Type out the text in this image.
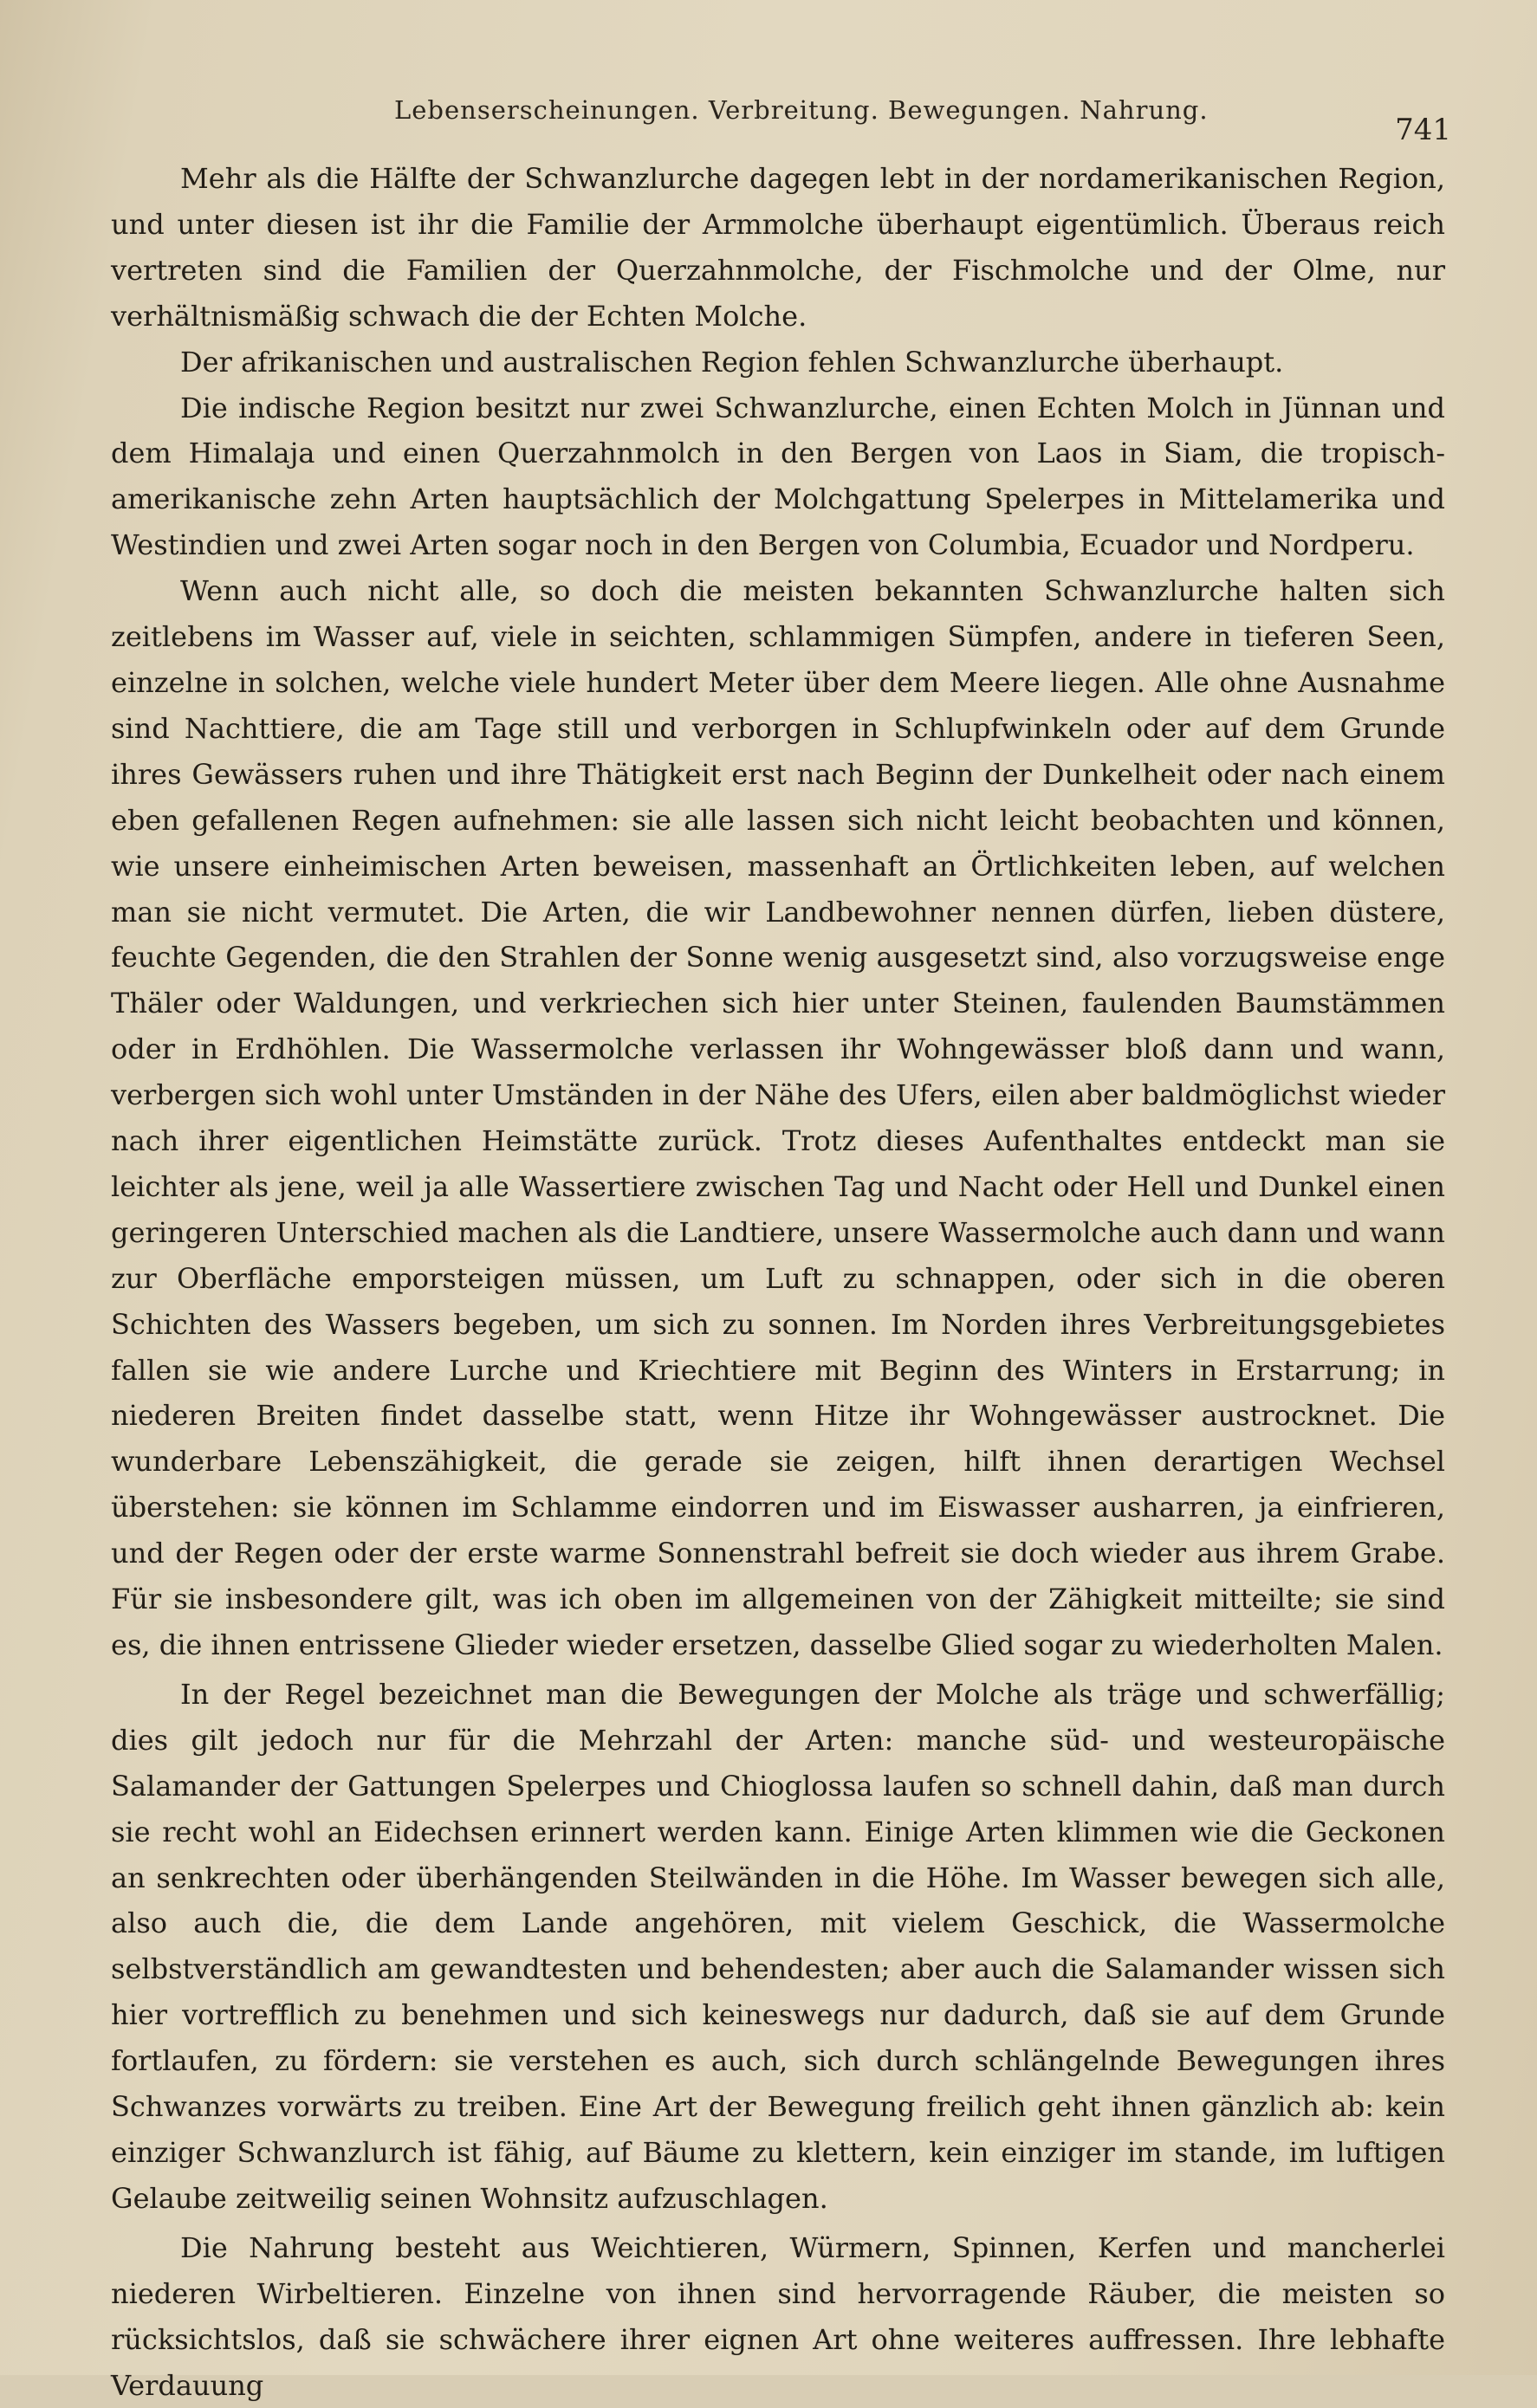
Lebenserscheinungen. Verbreitung. Bewegungen. Nahrung.
741

Mehr als die Hälfte der Schwanzlurche dagegen lebt in der nordamerikanischen Region, und unter diesen ist ihr die Familie der Armmolche überhaupt eigentümlich. Überaus reich vertreten sind die Familien der Querzahnmolche, der Fischmolche und der Olme, nur verhältnismäßig schwach die der Echten Molche.

Der afrikanischen und australischen Region fehlen Schwanzlurche überhaupt.

Die indische Region besitzt nur zwei Schwanzlurche, einen Echten Molch in Jünnan und dem Himalaja und einen Querzahnmolch in den Bergen von Laos in Siam, die tropisch-amerikanische zehn Arten hauptsächlich der Molchgattung Spelerpes in Mittelamerika und Westindien und zwei Arten sogar noch in den Bergen von Columbia, Ecuador und Nordperu.

Wenn auch nicht alle, so doch die meisten bekannten Schwanzlurche halten sich zeitlebens im Wasser auf, viele in seichten, schlammigen Sümpfen, andere in tieferen Seen, einzelne in solchen, welche viele hundert Meter über dem Meere liegen. Alle ohne Ausnahme sind Nachttiere, die am Tage still und verborgen in Schlupfwinkeln oder auf dem Grunde ihres Gewässers ruhen und ihre Thätigkeit erst nach Beginn der Dunkelheit oder nach einem eben gefallenen Regen aufnehmen: sie alle lassen sich nicht leicht beobachten und können, wie unsere einheimischen Arten beweisen, massenhaft an Örtlichkeiten leben, auf welchen man sie nicht vermutet. Die Arten, die wir Landbewohner nennen dürfen, lieben düstere, feuchte Gegenden, die den Strahlen der Sonne wenig ausgesetzt sind, also vorzugsweise enge Thäler oder Waldungen, und verkriechen sich hier unter Steinen, faulenden Baumstämmen oder in Erdhöhlen. Die Wassermolche verlassen ihr Wohngewässer bloß dann und wann, verbergen sich wohl unter Umständen in der Nähe des Ufers, eilen aber baldmöglichst wieder nach ihrer eigentlichen Heimstätte zurück. Trotz dieses Aufenthaltes entdeckt man sie leichter als jene, weil ja alle Wassertiere zwischen Tag und Nacht oder Hell und Dunkel einen geringeren Unterschied machen als die Landtiere, unsere Wassermolche auch dann und wann zur Oberfläche emporsteigen müssen, um Luft zu schnappen, oder sich in die oberen Schichten des Wassers begeben, um sich zu sonnen. Im Norden ihres Verbreitungsgebietes fallen sie wie andere Lurche und Kriechtiere mit Beginn des Winters in Erstarrung; in niederen Breiten findet dasselbe statt, wenn Hitze ihr Wohngewässer austrocknet. Die wunderbare Lebenszähigkeit, die gerade sie zeigen, hilft ihnen derartigen Wechsel überstehen: sie können im Schlamme eindorren und im Eiswasser ausharren, ja einfrieren, und der Regen oder der erste warme Sonnenstrahl befreit sie doch wieder aus ihrem Grabe. Für sie insbesondere gilt, was ich oben im allgemeinen von der Zähigkeit mitteilte; sie sind es, die ihnen entrissene Glieder wieder ersetzen, dasselbe Glied sogar zu wiederholten Malen.

In der Regel bezeichnet man die Bewegungen der Molche als träge und schwerfällig; dies gilt jedoch nur für die Mehrzahl der Arten: manche süd- und westeuropäische Salamander der Gattungen Spelerpes und Chioglossa laufen so schnell dahin, daß man durch sie recht wohl an Eidechsen erinnert werden kann. Einige Arten klimmen wie die Geckonen an senkrechten oder überhängenden Steilwänden in die Höhe. Im Wasser bewegen sich alle, also auch die, die dem Lande angehören, mit vielem Geschick, die Wassermolche selbstverständlich am gewandtesten und behendesten; aber auch die Salamander wissen sich hier vortrefflich zu benehmen und sich keineswegs nur dadurch, daß sie auf dem Grunde fortlaufen, zu fördern: sie verstehen es auch, sich durch schlängelnde Bewegungen ihres Schwanzes vorwärts zu treiben. Eine Art der Bewegung freilich geht ihnen gänzlich ab: kein einziger Schwanzlurch ist fähig, auf Bäume zu klettern, kein einziger im stande, im luftigen Gelaube zeitweilig seinen Wohnsitz aufzuschlagen.

Die Nahrung besteht aus Weichtieren, Würmern, Spinnen, Kerfen und mancherlei niederen Wirbeltieren. Einzelne von ihnen sind hervorragende Räuber, die meisten so rücksichtslos, daß sie schwächere ihrer eignen Art ohne weiteres auffressen. Ihre lebhafte Verdauung
